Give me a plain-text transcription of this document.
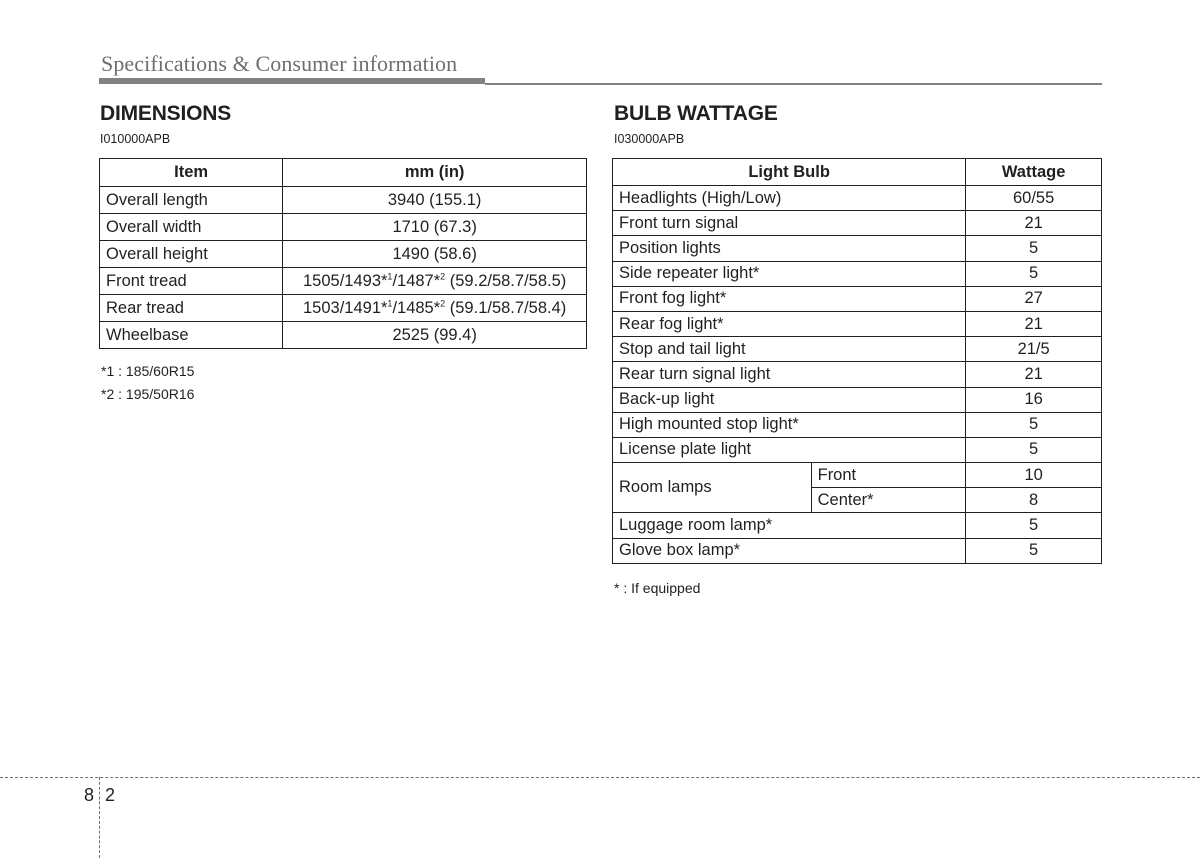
Specifications & Consumer information
DIMENSIONS
I010000APB
Item	mm (in)
Overall length	3940 (155.1)
Overall width	1710 (67.3)
Overall height	1490 (58.6)
Front tread	1505/1493*$^1$/1487*$^2$ (59.2/58.7/58.5)
Rear tread	1503/1491*$^1$/1485*$^2$ (59.1/58.7/58.4)
Wheelbase	2525 (99.4)
*1 : 185/60R15
*2 : 195/50R16
BULB WATTAGE
I030000APB
Light Bulb		Wattage
Headlights (High/Low)		60/55
Front turn signal		21
Position lights		5
Side repeater light*		5
Front fog light*		27
Rear fog light*		21
Stop and tail light		21/5
Rear turn signal light		21
Back-up light		16
High mounted stop light*		5
License plate light		5
Room lamps	Front	10
	Center*	8
Luggage room lamp*		5
Glove box lamp*		5
* : If equipped
8 2
